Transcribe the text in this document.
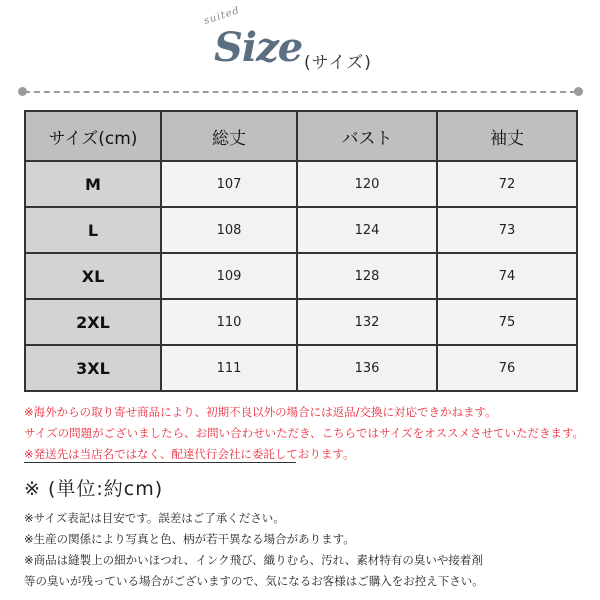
suited
Size (サイズ)
サイズ(cm)	総丈	バスト	袖丈
M	107	120	72
L	108	124	73
XL	109	128	74
2XL	110	132	75
3XL	111	136	76
※海外からの取り寄せ商品により、初期不良以外の場合には返品/交換に対応できかねます。
サイズの問題がございましたら、お問い合わせいただき、こちらではサイズをオススメさせていただきます。
※発送先は当店名ではなく、配達代行会社に委託しております。
※ (単位:約cm)
※サイズ表記は目安です。誤差はご了承ください。
※生産の関係により写真と色、柄が若干異なる場合があります。
※商品は縫製上の細かいほつれ、インク飛び、織りむら、汚れ、素材特有の臭いや接着剤
等の臭いが残っている場合がございますので、気になるお客様はご購入をお控え下さい。
